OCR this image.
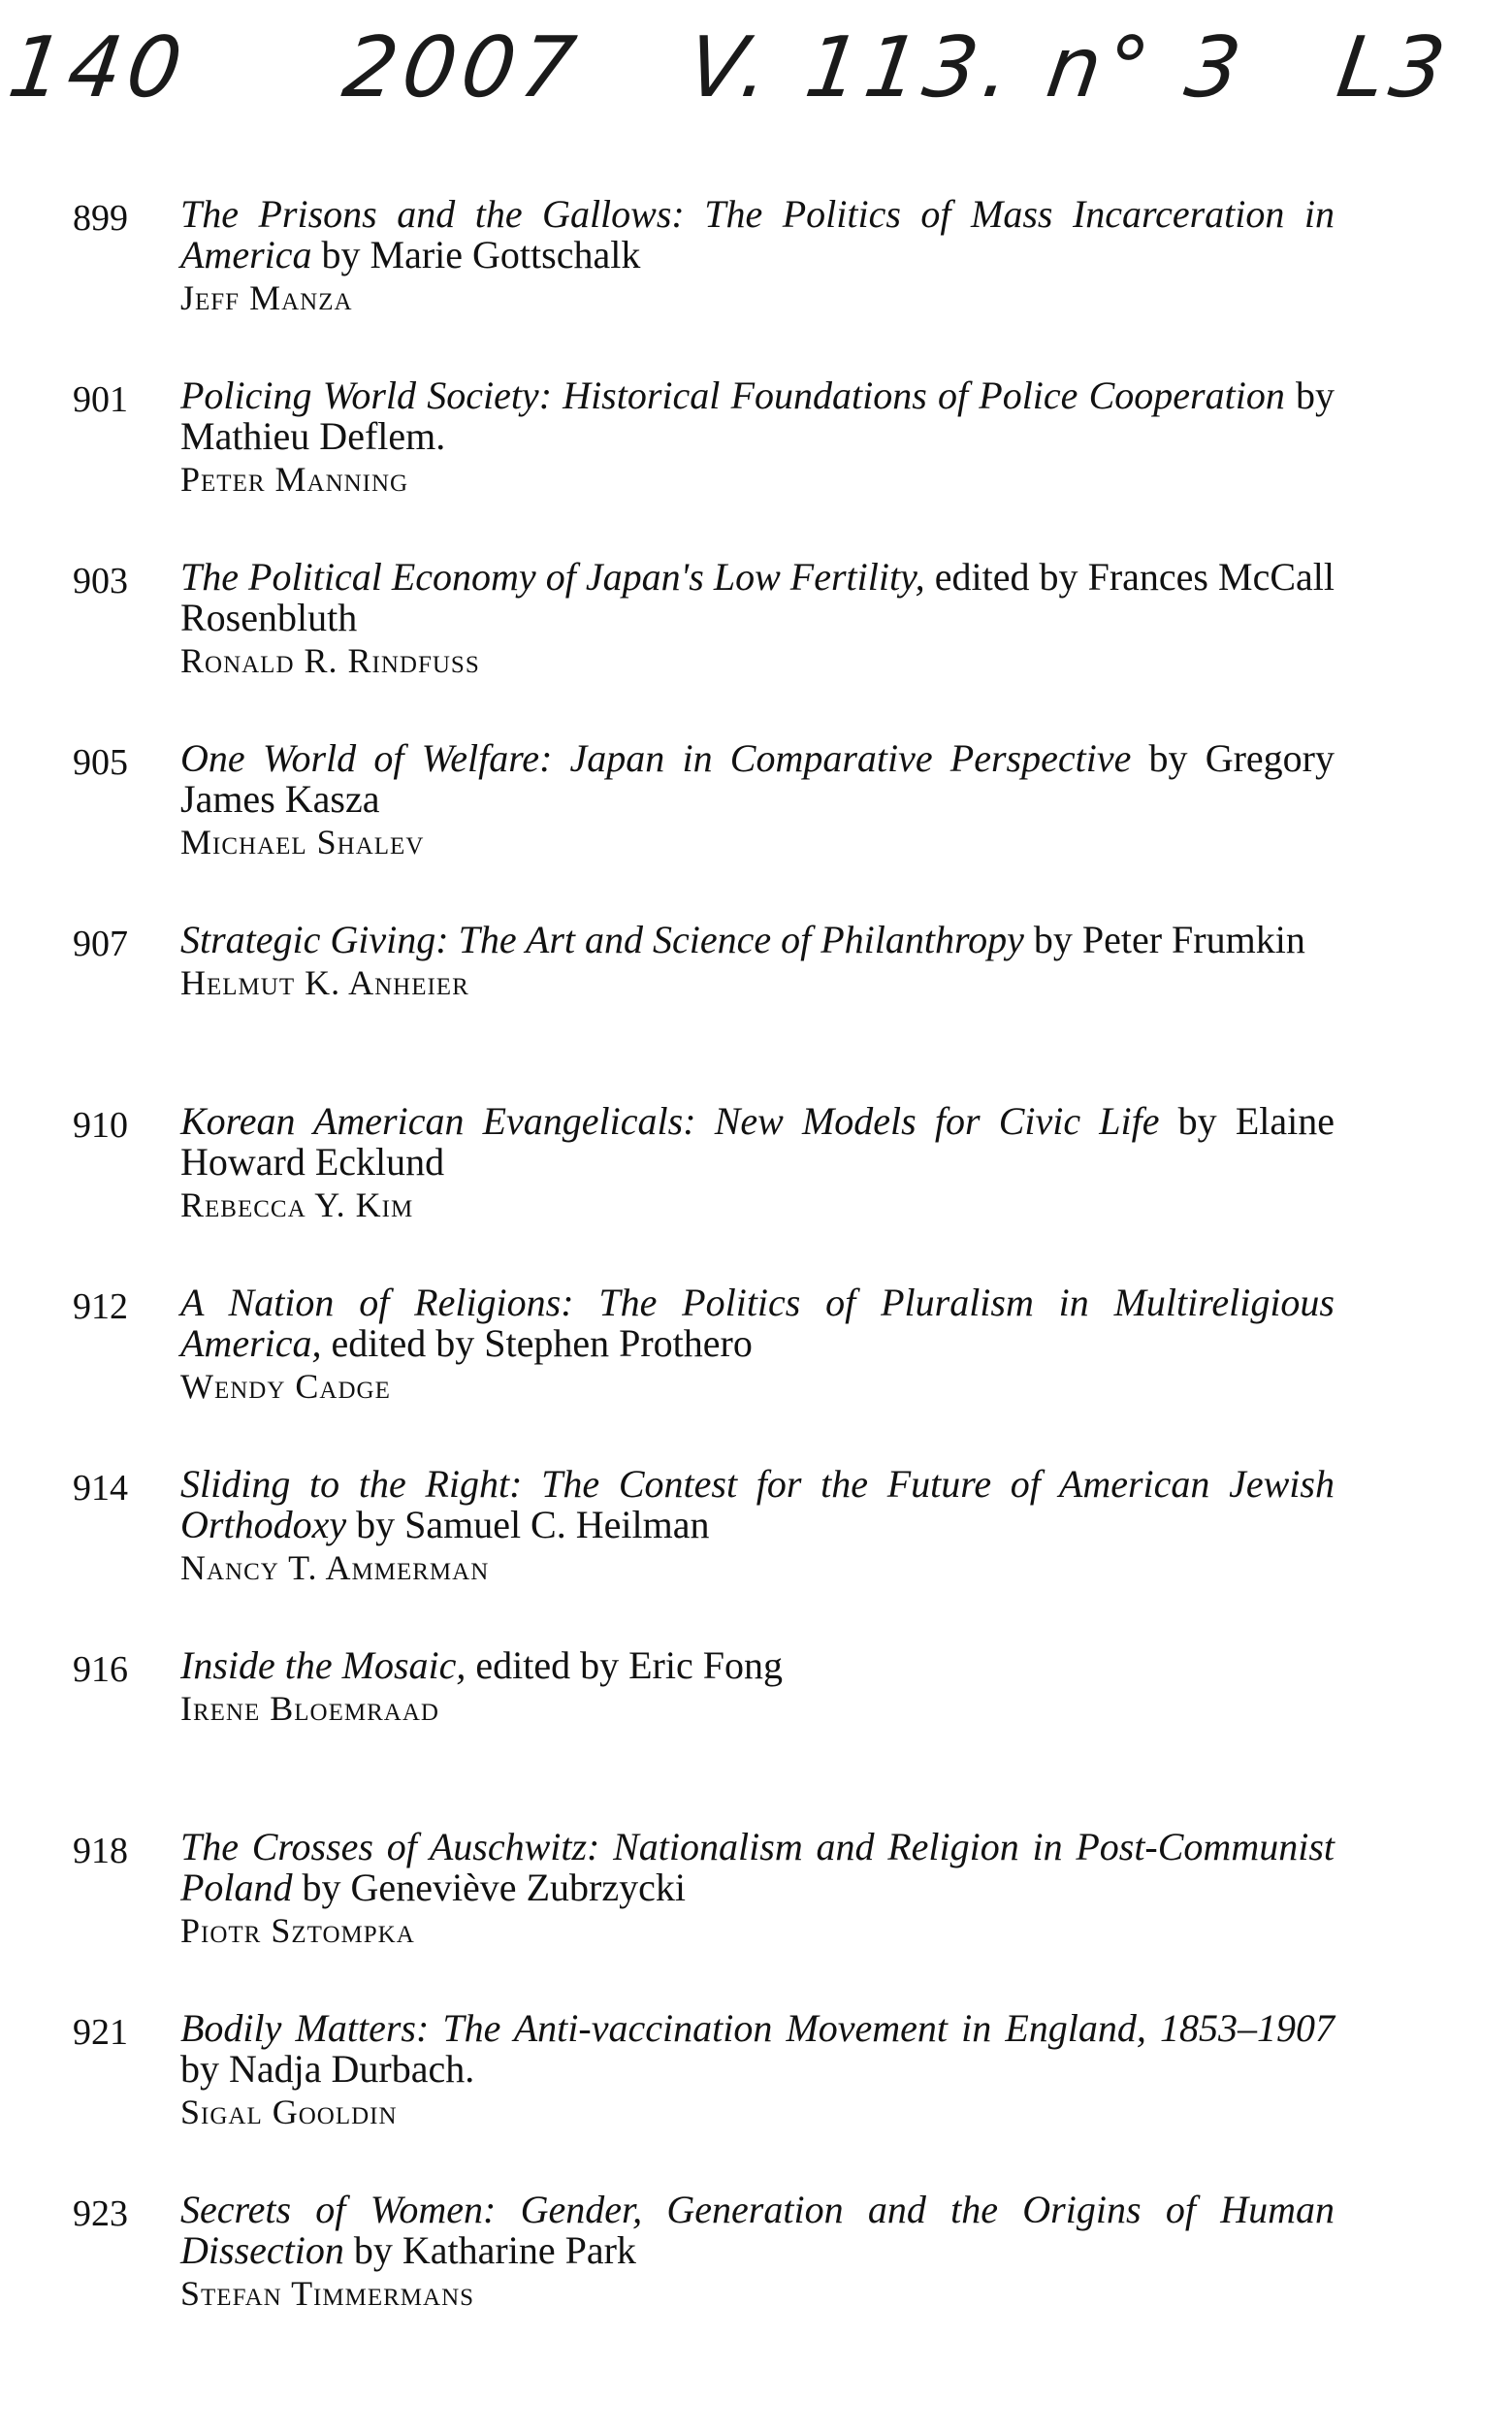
140 2007 V. 113. n° 3 L3
899 The Prisons and the Gallows: The Politics of Mass Incarceration in America by Marie Gottschalk

Jeff Manza

901 Policing World Society: Historical Foundations of Police Cooperation by Mathieu Deflem.

Peter Manning

903 The Political Economy of Japan's Low Fertility, edited by Frances McCall Rosenbluth

Ronald R. Rindfuss

905 One World of Welfare: Japan in Comparative Perspective by Gregory James Kasza

Michael Shalev

907 Strategic Giving: The Art and Science of Philanthropy by Peter Frumkin

Helmut K. Anheier

910 Korean American Evangelicals: New Models for Civic Life by Elaine Howard Ecklund

Rebecca Y. Kim

912 A Nation of Religions: The Politics of Pluralism in Multireligious America, edited by Stephen Prothero

Wendy Cadge

914 Sliding to the Right: The Contest for the Future of American Jewish Orthodoxy by Samuel C. Heilman

Nancy T. Ammerman

916 Inside the Mosaic, edited by Eric Fong

Irene Bloemraad

918 The Crosses of Auschwitz: Nationalism and Religion in Post-Communist Poland by Geneviève Zubrzycki

Piotr Sztompka

921 Bodily Matters: The Anti-vaccination Movement in England, 1853–1907 by Nadja Durbach.

Sigal Gooldin

923 Secrets of Women: Gender, Generation and the Origins of Human Dissection by Katharine Park

Stefan Timmermans
